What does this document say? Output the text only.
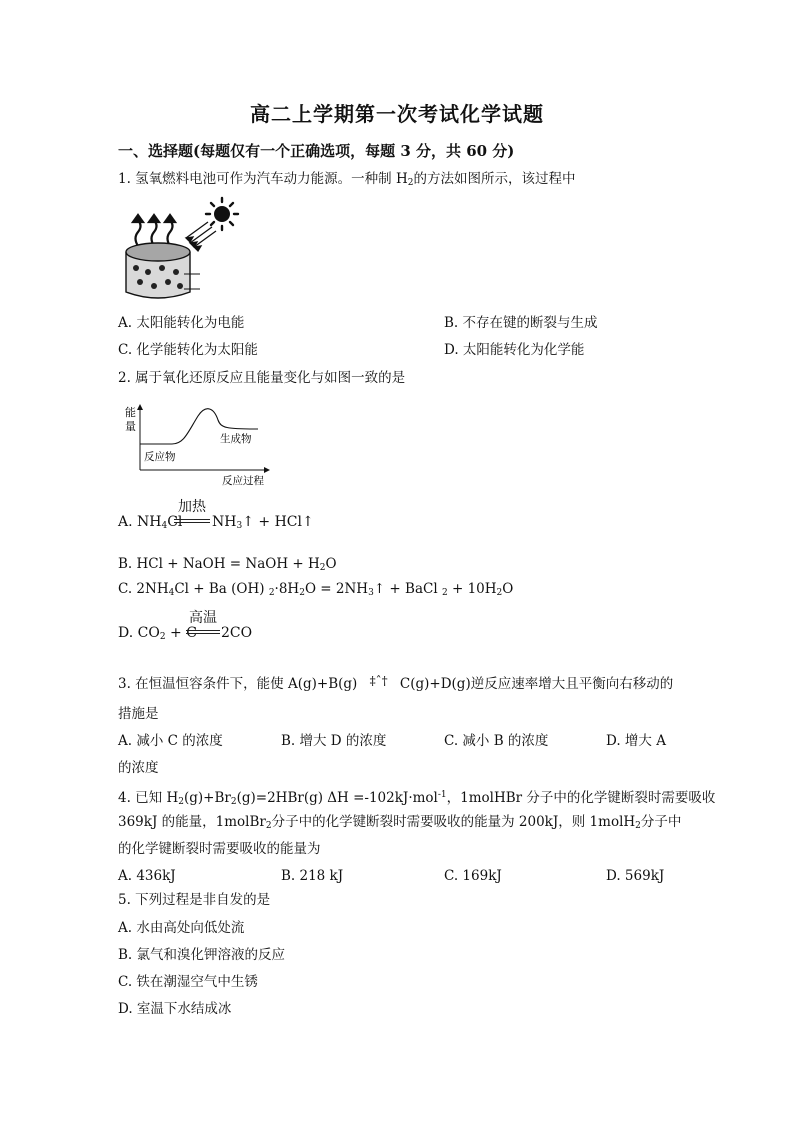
高二上学期第一次考试化学试题
一、选择题(每题仅有一个正确选项，每题 3 分，共 60 分)
1. 氢氧燃料电池可作为汽车动力能源。一种制 $H_2$的方法如图所示，该过程中
A. 太阳能转化为电能	B. 不存在键的断裂与生成
C. 化学能转化为太阳能	D. 太阳能转化为化学能
2. 属于氧化还原反应且能量变化与如图一致的是
能
量
反应物
生成物
反应过程
A. $NH_4Cl$
加热
$NH_3↑$ + HCl↑
B. HCl + NaOH = NaOH + $H_2O$
C. $2NH_4Cl + Ba$ (OH) $_2\cdot 8H_2O$ = $2NH_3↑$ + BaCl $_2 + 10H_2O$
D. $CO_2 + C$
高温
2CO
3. 在恒温恒容条件下，能使 A(g)+B(g) ‡ˆ† C(g)+D(g)逆反应速率增大且平衡向右移动的
措施是
A. 减小 C 的浓度	B. 增大 D 的浓度	C. 减小 B 的浓度	D. 增大 A
的浓度
4. 已知 $H_2(g)+Br_2(g)=2HBr(g)$ ΔH =-102kJ·mol$^{-1}$，1molHBr 分子中的化学键断裂时需要吸收
369kJ 的能量，1molBr$_2$分子中的化学键断裂时需要吸收的能量为 200kJ，则 1molH$_2$分子中
的化学键断裂时需要吸收的能量为
A. 436kJ	B. 218 kJ	C. 169kJ	D. 569kJ
5. 下列过程是非自发的是
A. 水由高处向低处流
B. 氯气和溴化钾溶液的反应
C. 铁在潮湿空气中生锈
D. 室温下水结成冰
